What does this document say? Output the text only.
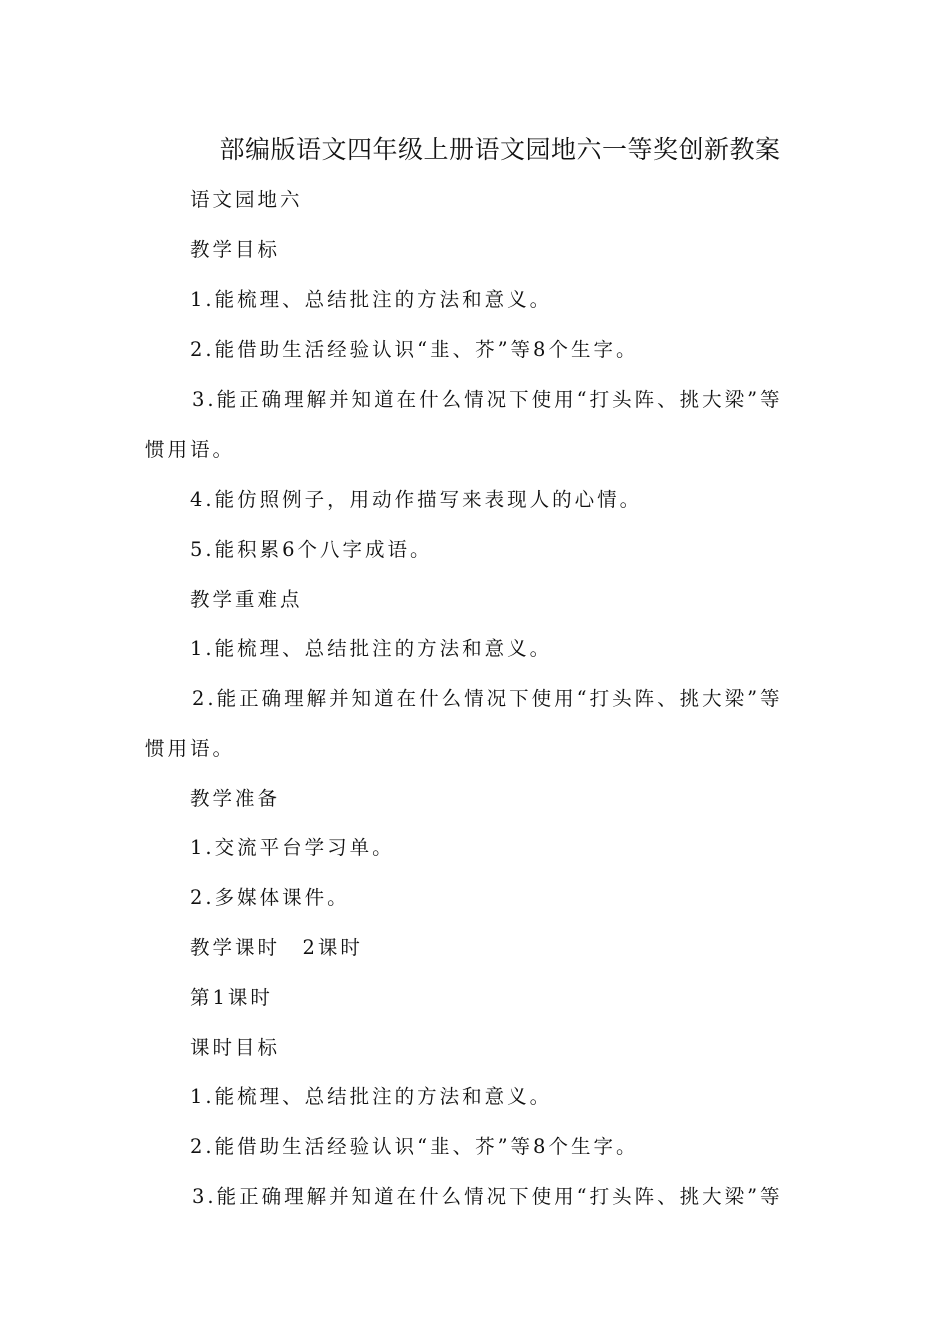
部编版语文四年级上册语文园地六一等奖创新教案
语文园地六
教学目标
1.能梳理、总结批注的方法和意义。
2.能借助生活经验认识“韭、芥”等8个生字。
3.能正确理解并知道在什么情况下使用“打头阵、挑大梁”等
惯用语。
4.能仿照例子，用动作描写来表现人的心情。
5.能积累6个八字成语。
教学重难点
1.能梳理、总结批注的方法和意义。
2.能正确理解并知道在什么情况下使用“打头阵、挑大梁”等
惯用语。
教学准备
1.交流平台学习单。
2.多媒体课件。
教学课时　2课时
第1课时
课时目标
1.能梳理、总结批注的方法和意义。
2.能借助生活经验认识“韭、芥”等8个生字。
3.能正确理解并知道在什么情况下使用“打头阵、挑大梁”等
